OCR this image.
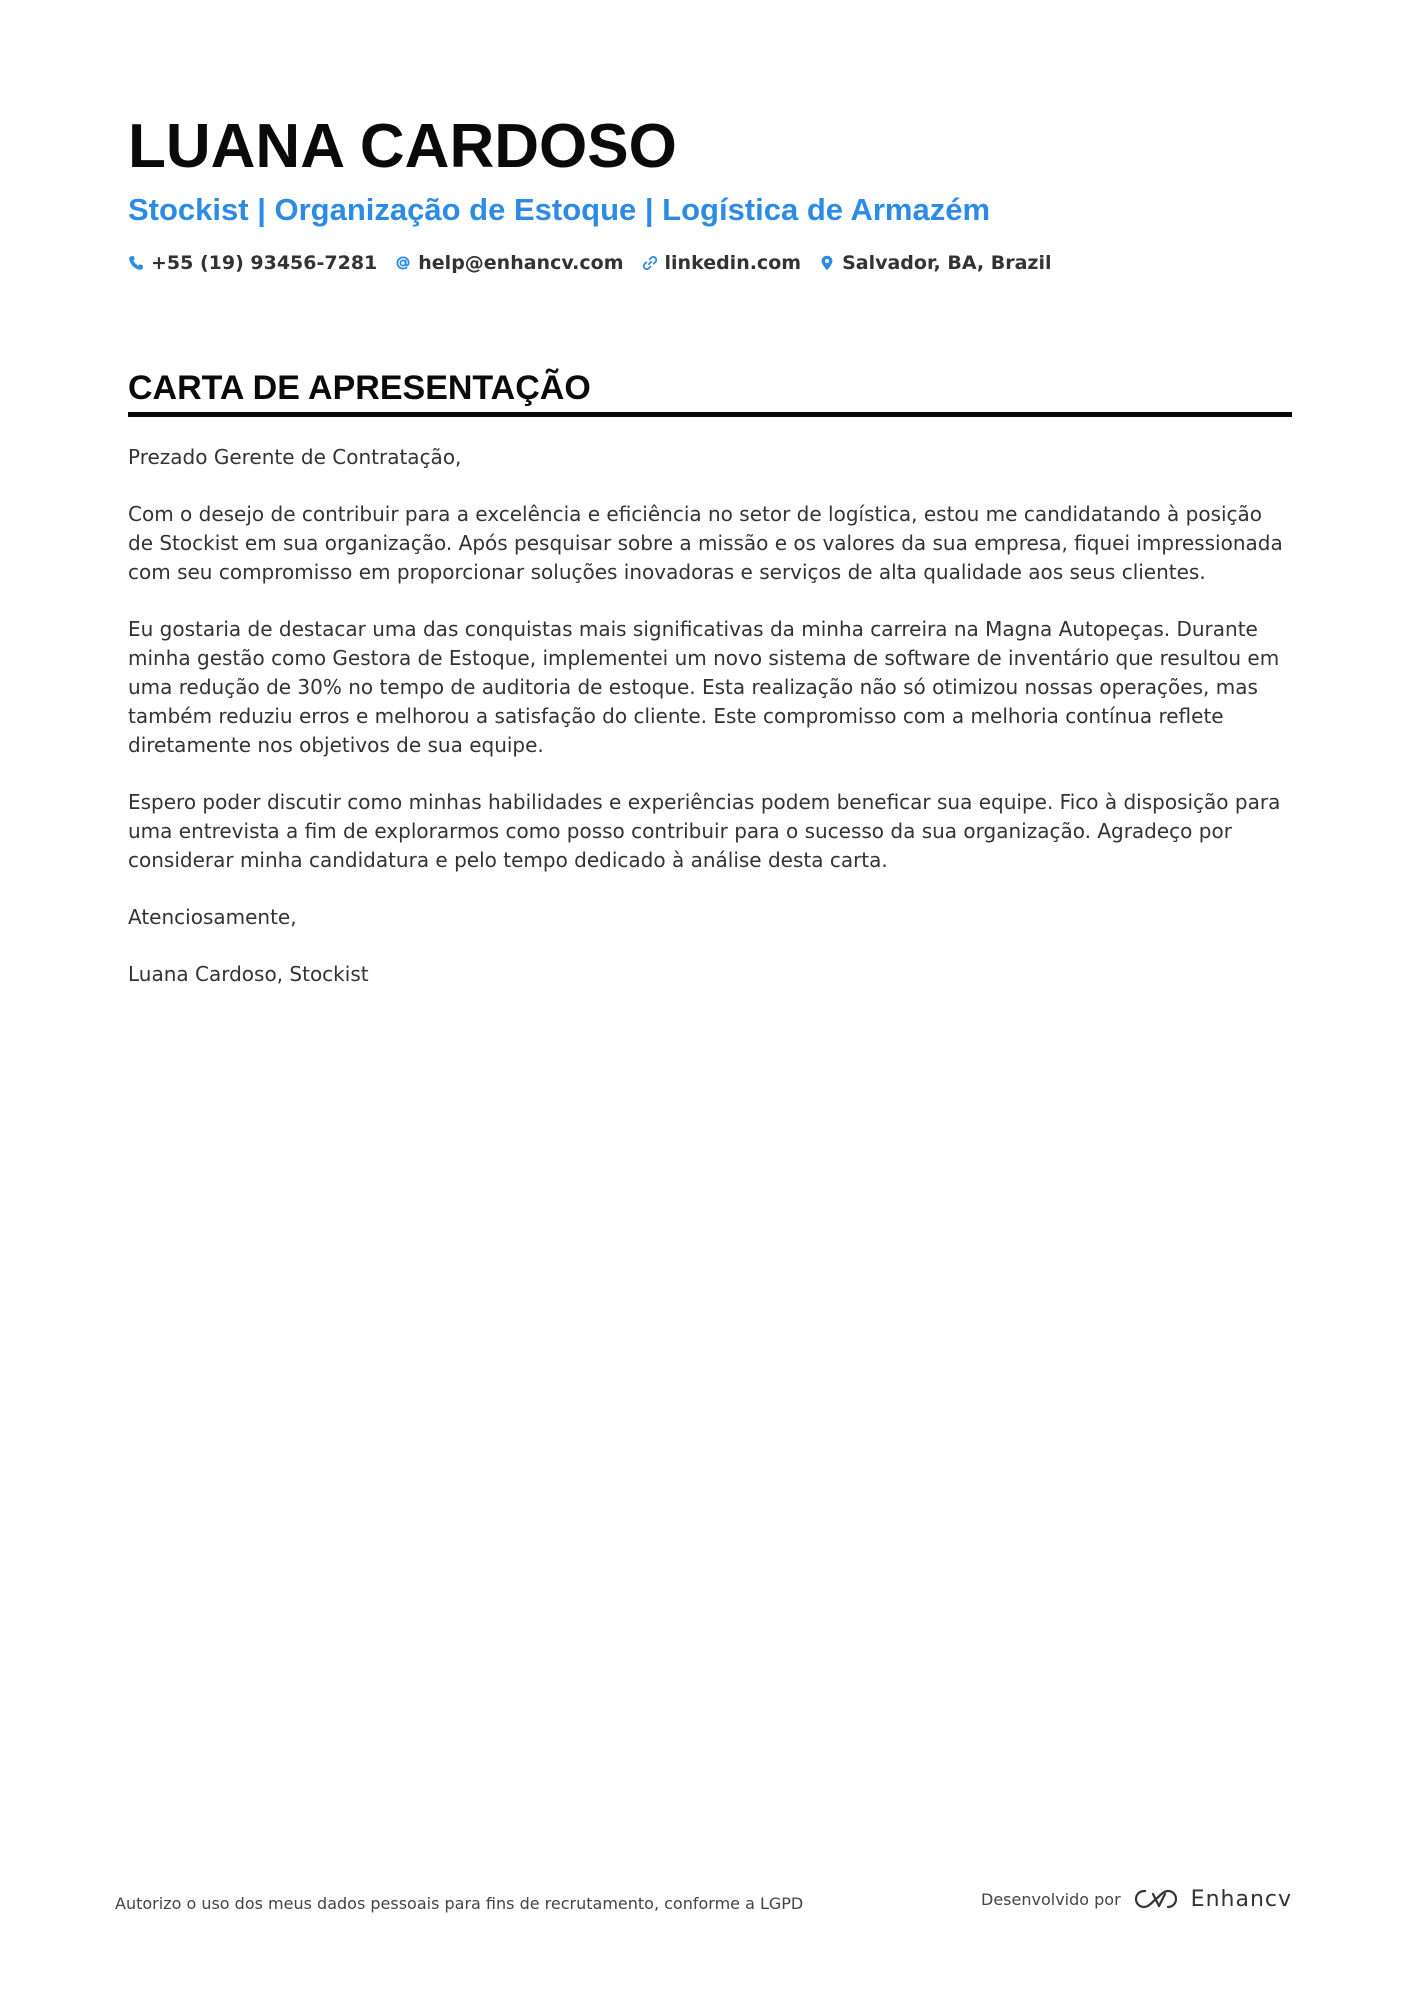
LUANA CARDOSO
Stockist | Organização de Estoque | Logística de Armazém
+55 (19) 93456-7281 help@enhancv.com linkedin.com Salvador, BA, Brazil
CARTA DE APRESENTAÇÃO

Prezado Gerente de Contratação,

Com o desejo de contribuir para a excelência e eficiência no setor de logística, estou me candidatando à posição de Stockist em sua organização. Após pesquisar sobre a missão e os valores da sua empresa, fiquei impressionada com seu compromisso em proporcionar soluções inovadoras e serviços de alta qualidade aos seus clientes.

Eu gostaria de destacar uma das conquistas mais significativas da minha carreira na Magna Autopeças. Durante minha gestão como Gestora de Estoque, implementei um novo sistema de software de inventário que resultou em uma redução de 30% no tempo de auditoria de estoque. Esta realização não só otimizou nossas operações, mas também reduziu erros e melhorou a satisfação do cliente. Este compromisso com a melhoria contínua reflete diretamente nos objetivos de sua equipe.

Espero poder discutir como minhas habilidades e experiências podem beneficar sua equipe. Fico à disposição para uma entrevista a fim de explorarmos como posso contribuir para o sucesso da sua organização. Agradeço por considerar minha candidatura e pelo tempo dedicado à análise desta carta.

Atenciosamente,

Luana Cardoso, Stockist

Autorizo o uso dos meus dados pessoais para fins de recrutamento, conforme a LGPD	Desenvolvido por	Enhancv
